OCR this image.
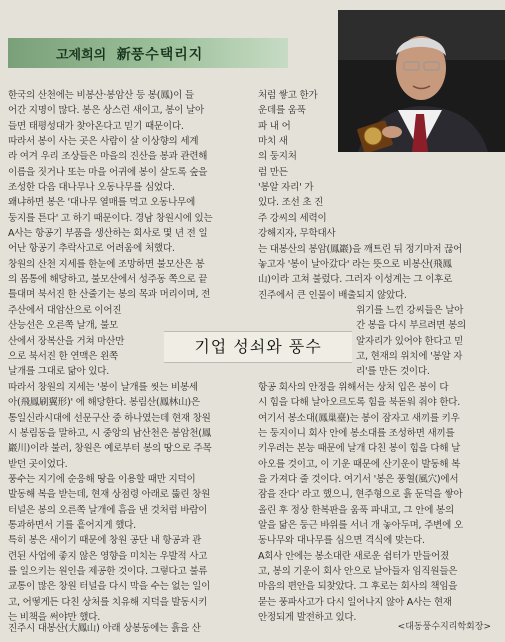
고제희의 新풍수택리지

한국의 산천에는 비봉산·봉암산 등 봉(鳳)이 들

어간 지명이 많다. 봉은 상스런 새이고, 봉이 날아

들면 태평성대가 찾아온다고 믿기 때문이다.

따라서 봉이 사는 곳은 사람이 살 이상향의 세계

라 여겨 우리 조상들은 마을의 진산을 봉과 관련해

이름을 짓거나 또는 마을 어귀에 봉이 살도록 숲을

조성한 다음 대나무나 오동나무를 심었다.

왜냐하면 봉은 '대나무 열매를 먹고 오동나무에

둥지를 튼다' 고 하기 때문이다. 경남 창원시에 있는

A사는 항공기 부품을 생산하는 회사로 몇 년 전 일

어난 항공기 추락사고로 어려움에 처했다.

창원의 산천 지세를 한눈에 조망하면 불모산은 봉

의 몸통에 해당하고, 불모산에서 성주동 쪽으로 끝

틀대며 북서진 한 산줄기는 봉의 목과 머리이며, 전

처럼 쌓고 한가

운데를 움푹

파 내 어

마치 새

의 둥지처

럼 만든

'봉알 자리' 가

있다. 조선 초 진

주 강씨의 세력이

강해지자, 무학대사

는 대봉산의 봉암(鳳巖)을 깨트린 뒤 정기마저 끊어

놓고자 '봉이 날아갔다' 라는 뜻으로 비봉산(飛鳳

山)이라 고쳐 불렀다. 그러자 이성계는 그 이후로

진주에서 큰 인물이 배출되지 않았다.

주산에서 대암산으로 이어진

산능선은 오른쪽 날개, 불모

산에서 장복산을 거쳐 마산만

으로 북서진 한 연맥은 왼쪽

날개를 그대로 닮아 있다.

기업 성쇠와 풍수

위기를 느낀 강씨들은 날아

간 봉을 다시 부르려면 봉의

알자리가 있어야 한다고 믿

고, 현재의 위치에 '봉알 자

리'를 만든 것이다.

따라서 창원의 지세는 '봉이 날개를 씻는 비봉세

아(飛鳳刷翼形)' 에 해당한다. 봉림산(鳳林山)은

통일신라시대에 선문구산 중 하나였는데 현재 창원

시 봉림동을 말하고, 시 중앙의 남산천은 봉암천(鳳

巖川)이라 불러, 창원은 예로부터 봉의 땅으로 주목

받던 곳이었다.

풍수는 지기에 순응해 땅을 이용할 때만 지덕이

발동해 복을 받는데, 현재 상점령 아래로 뚫린 창원

터널은 봉의 오른쪽 날개에 흠을 낸 것처럼 바람이

통과하면서 기를 흩어지게 했다.

특히 봉은 새이기 때문에 창원 공단 내 항공과 관

련된 사업에 좋지 않은 영향을 미치는 우발적 사고

를 일으키는 원인을 제공한 것이다. 그렇다고 불류

교통이 많은 창원 터널을 다시 막을 수는 없는 일이

고, 어떻게든 다친 상처를 치유해 지덕을 발동시키

는 비책을 써야만 했다.

진주시 대봉산(大鳳山) 아래 상봉동에는 흙을 산

항공 회사의 안정을 위해서는 상처 입은 봉이 다

시 힘을 다해 날아오르도록 힘을 북돋워 줘야 한다.

여기서 봉소대(鳳巢臺)는 봉이 잠자고 새끼를 키우

는 둥지이니 회사 안에 봉소대를 조성하면 새끼를

키우려는 본능 때문에 날개 다친 봉이 힘을 다해 날

아오를 것이고, 이 기운 때문에 산기운이 발동해 복

을 가져다 줄 것이다. 여기서 '봉은 풍혈(風穴)에서

잠을 잔다' 라고 했으니, 현주형으로 흙 둔덕을 쌓아

올린 후 정상 한복판을 움푹 파내고, 그 안에 봉의

알을 닮은 둥근 바위를 서너 개 놓아두며, 주변에 오

동나무와 대나무를 심으면 격식에 맞는다.

A회사 안에는 봉소대란 새로운 쉼터가 만들어졌

고, 봉의 기운이 회사 안으로 날아들자 임직원들은

마음의 편안을 되찾았다. 그 후로는 회사의 책임을

묻는 풍파사고가 다시 일어나지 않아 A사는 현재

안정되게 발전하고 있다.

<대동풍수지리학회장>
